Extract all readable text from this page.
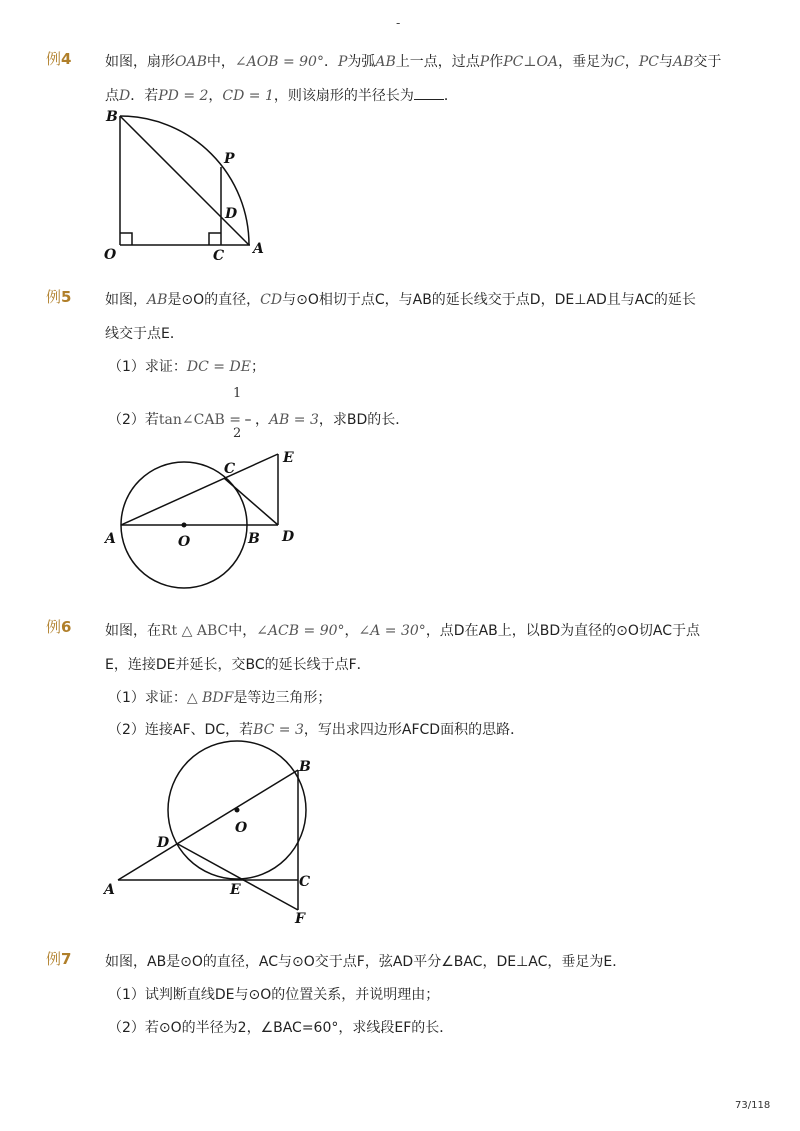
-
例4 如图，扇形OAB中，∠AOB = 90°．P为弧AB上一点，过点P作PC⊥OA，垂足为C，PC与AB交于
点D．若PD = 2，CD = 1，则该扇形的半径长为 ．
B
P
D
O	C A
例5 如图，AB是⊙O的直径，CD与⊙O相切于点C，与AB的延长线交于点D，DE⊥AD且与AC的延长
线交于点E．
（1）求证：DC = DE；
（2）若tan∠CAB = – ，AB = 3，求BD的长．
1
2
C
E
A	O	B D
例6 如图，在Rt △ ABC中，∠ACB = 90°，∠A = 30°，点D在AB上，以BD为直径的⊙O切AC于点
E，连接DE并延长，交BC的延长线于点F．
（1）求证：△ BDF是等边三角形；
（2）连接AF、DC，若BC = 3，写出求四边形AFCD面积的思路．
B
O
D
A	E	C
F
例7 如图，AB是⊙O的直径，AC与⊙O交于点F，弦AD平分∠BAC，DE⊥AC，垂足为E．
（1）试判断直线DE与⊙O的位置关系，并说明理由；
（2）若⊙O的半径为2，∠BAC=60°，求线段EF的长．
73/118
